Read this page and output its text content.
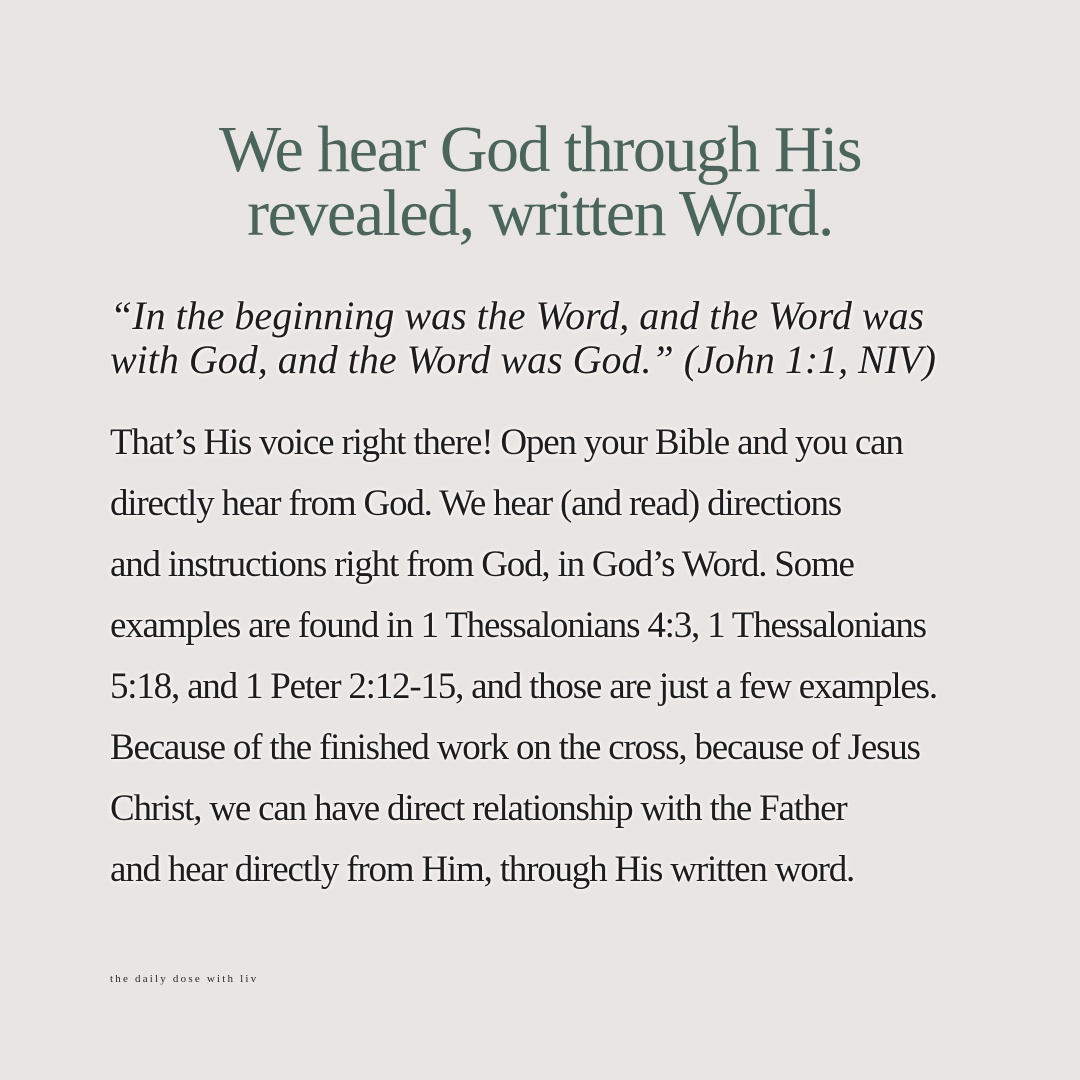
We hear God through His
revealed, written Word.
“In the beginning was the Word, and the Word was
with God, and the Word was God.” (John 1:1, NIV)
That’s His voice right there! Open your Bible and you can
directly hear from God. We hear (and read) directions
and instructions right from God, in God’s Word. Some
examples are found in 1 Thessalonians 4:3, 1 Thessalonians
5:18, and 1 Peter 2:12-15, and those are just a few examples.
Because of the finished work on the cross, because of Jesus
Christ, we can have direct relationship with the Father
and hear directly from Him, through His written word.
the daily dose with liv
